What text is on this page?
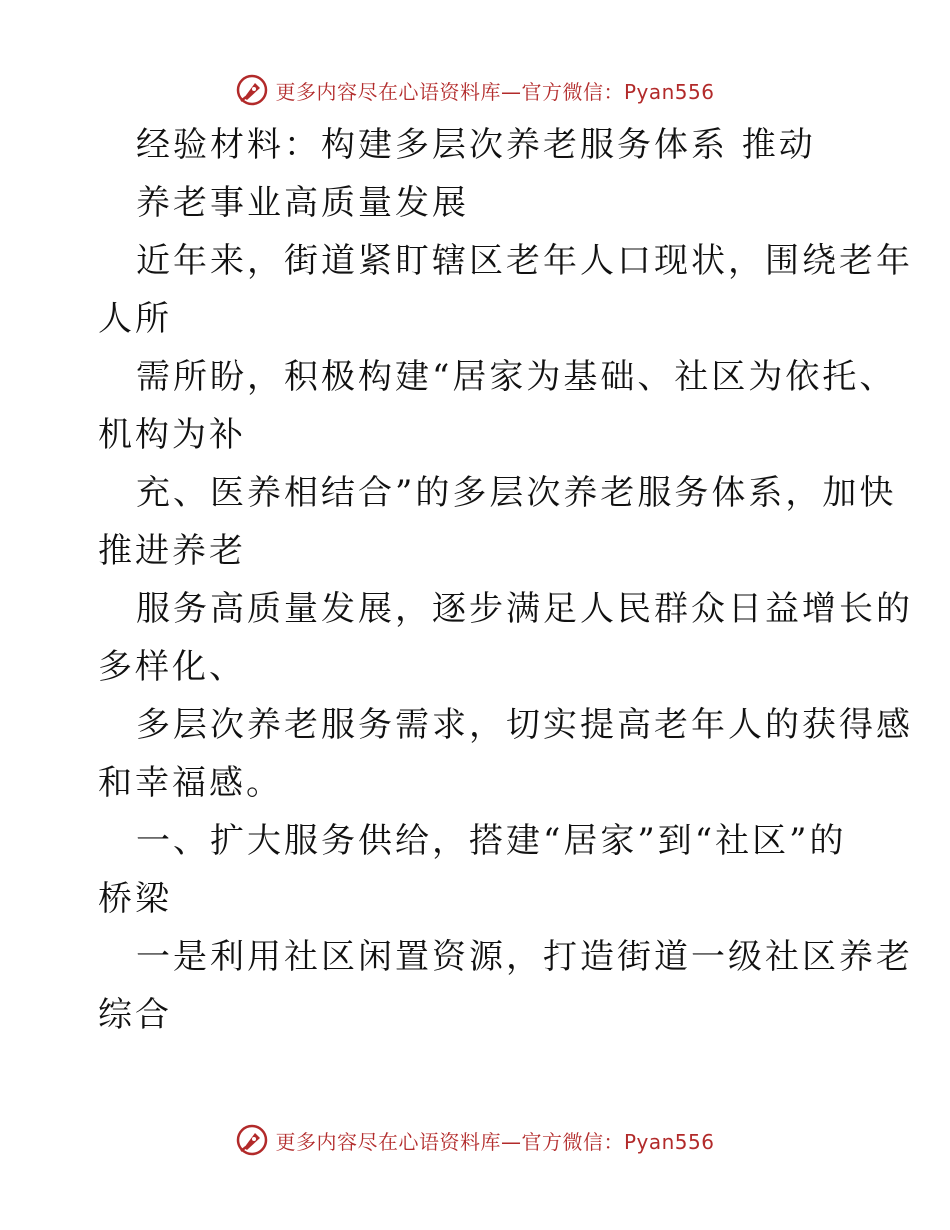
更多内容尽在心语资料库—官方微信：Pyan556
经验材料：构建多层次养老服务体系 推动
养老事业高质量发展
近年来，街道紧盯辖区老年人口现状，围绕老年
人所
需所盼，积极构建“居家为基础、社区为依托、
机构为补
充、医养相结合”的多层次养老服务体系，加快
推进养老
服务高质量发展，逐步满足人民群众日益增长的
多样化、
多层次养老服务需求，切实提高老年人的获得感
和幸福感。
一、扩大服务供给，搭建“居家”到“社区”的
桥梁
一是利用社区闲置资源，打造街道一级社区养老
综合
更多内容尽在心语资料库—官方微信：Pyan556
